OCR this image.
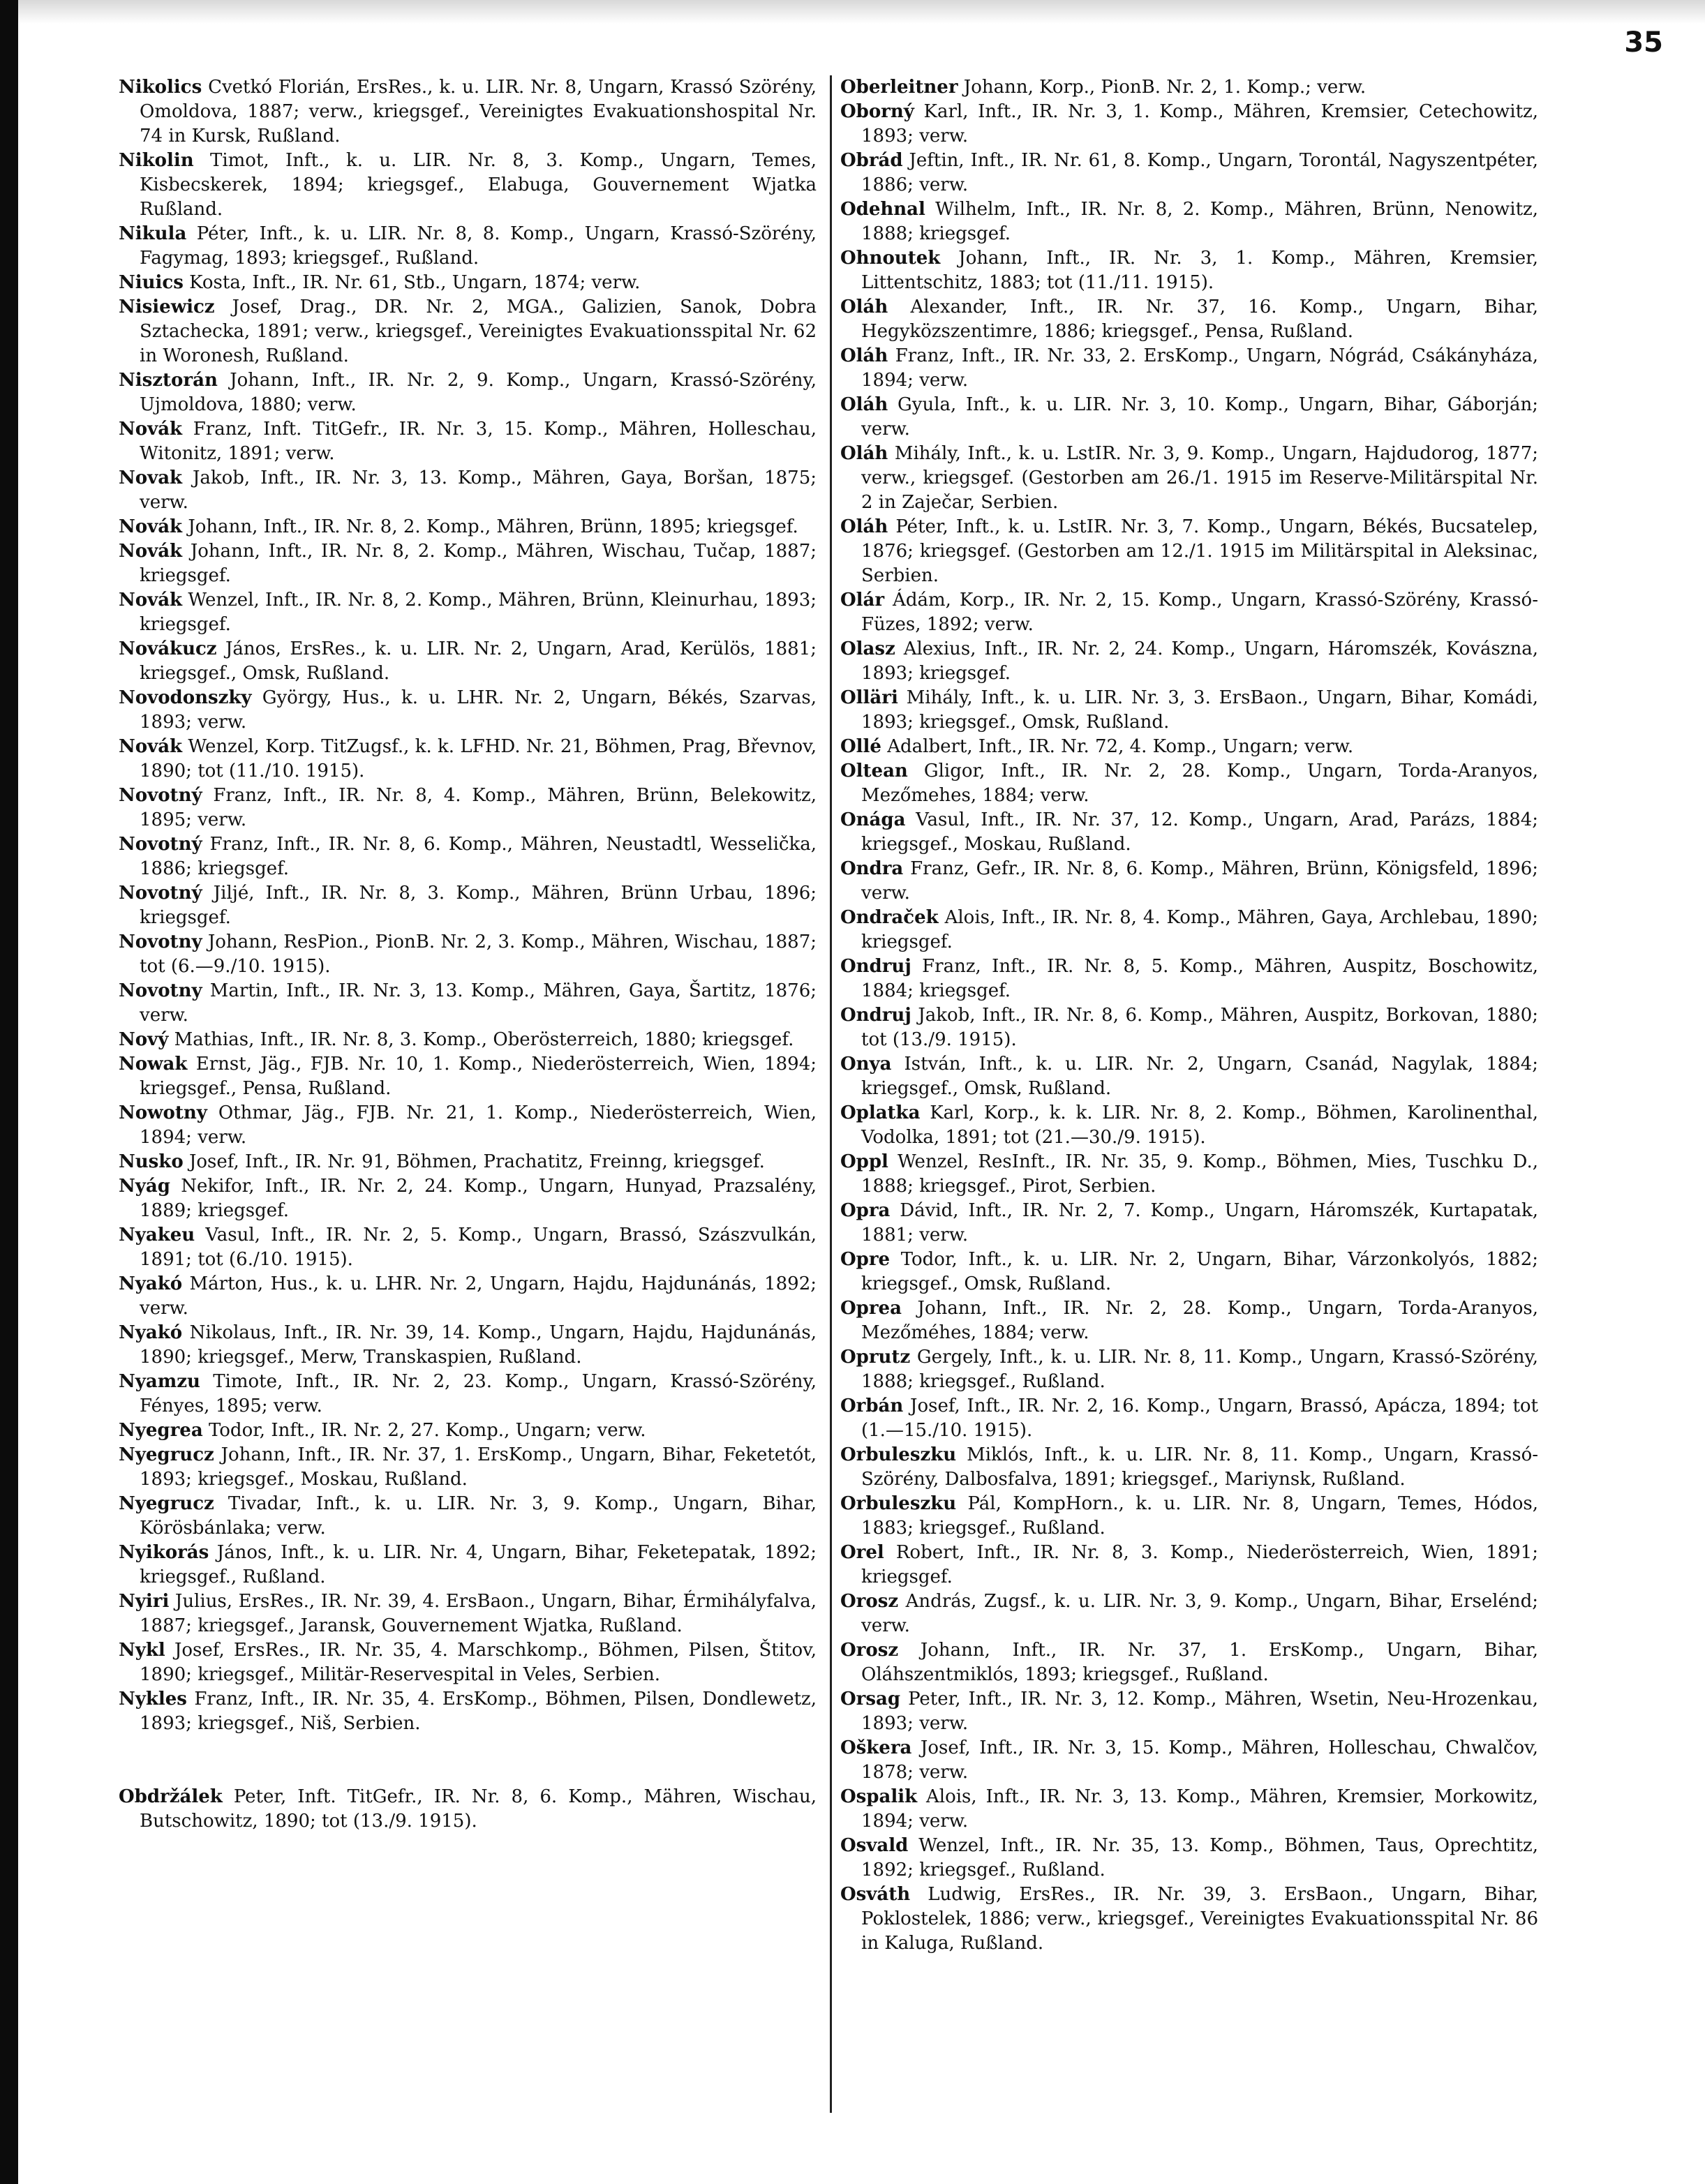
35

Nikolics Cvetkó Florián, ErsRes., k. u. LIR. Nr. 8, Ungarn, Krassó Szörény, Omoldova, 1887; verw., kriegsgef., Vereinigtes Evakuationshospital Nr. 74 in Kursk, Rußland.

Nikolin Timot, Inft., k. u. LIR. Nr. 8, 3. Komp., Ungarn, Temes, Kisbecskerek, 1894; kriegsgef., Elabuga, Gouvernement Wjatka Rußland.

Nikula Péter, Inft., k. u. LIR. Nr. 8, 8. Komp., Ungarn, Krassó-Szörény, Fagymag, 1893; kriegsgef., Rußland.

Niuics Kosta, Inft., IR. Nr. 61, Stb., Ungarn, 1874; verw.

Nisiewicz Josef, Drag., DR. Nr. 2, MGA., Galizien, Sanok, Dobra Sztachecka, 1891; verw., kriegsgef., Vereinigtes Evakuationsspital Nr. 62 in Woronesh, Rußland.

Nisztorán Johann, Inft., IR. Nr. 2, 9. Komp., Ungarn, Krassó-Szörény, Ujmoldova, 1880; verw.

Novák Franz, Inft. TitGefr., IR. Nr. 3, 15. Komp., Mähren, Holleschau, Witonitz, 1891; verw.

Novak Jakob, Inft., IR. Nr. 3, 13. Komp., Mähren, Gaya, Boršan, 1875; verw.

Novák Johann, Inft., IR. Nr. 8, 2. Komp., Mähren, Brünn, 1895; kriegsgef.

Novák Johann, Inft., IR. Nr. 8, 2. Komp., Mähren, Wischau, Tučap, 1887; kriegsgef.

Novák Wenzel, Inft., IR. Nr. 8, 2. Komp., Mähren, Brünn, Kleinurhau, 1893; kriegsgef.

Novákucz János, ErsRes., k. u. LIR. Nr. 2, Ungarn, Arad, Kerülös, 1881; kriegsgef., Omsk, Rußland.

Novodonszky György, Hus., k. u. LHR. Nr. 2, Ungarn, Békés, Szarvas, 1893; verw.

Novák Wenzel, Korp. TitZugsf., k. k. LFHD. Nr. 21, Böhmen, Prag, Břevnov, 1890; tot (11./10. 1915).

Novotný Franz, Inft., IR. Nr. 8, 4. Komp., Mähren, Brünn, Belekowitz, 1895; verw.

Novotný Franz, Inft., IR. Nr. 8, 6. Komp., Mähren, Neustadtl, Wesselička, 1886; kriegsgef.

Novotný Jiljé, Inft., IR. Nr. 8, 3. Komp., Mähren, Brünn Urbau, 1896; kriegsgef.

Novotny Johann, ResPion., PionB. Nr. 2, 3. Komp., Mähren, Wischau, 1887; tot (6.—9./10. 1915).

Novotny Martin, Inft., IR. Nr. 3, 13. Komp., Mähren, Gaya, Šartitz, 1876; verw.

Nový Mathias, Inft., IR. Nr. 8, 3. Komp., Oberösterreich, 1880; kriegsgef.

Nowak Ernst, Jäg., FJB. Nr. 10, 1. Komp., Niederösterreich, Wien, 1894; kriegsgef., Pensa, Rußland.

Nowotny Othmar, Jäg., FJB. Nr. 21, 1. Komp., Niederösterreich, Wien, 1894; verw.

Nusko Josef, Inft., IR. Nr. 91, Böhmen, Prachatitz, Freinng, kriegsgef.

Nyág Nekifor, Inft., IR. Nr. 2, 24. Komp., Ungarn, Hunyad, Prazsalény, 1889; kriegsgef.

Nyakeu Vasul, Inft., IR. Nr. 2, 5. Komp., Ungarn, Brassó, Szászvulkán, 1891; tot (6./10. 1915).

Nyakó Márton, Hus., k. u. LHR. Nr. 2, Ungarn, Hajdu, Hajdunánás, 1892; verw.

Nyakó Nikolaus, Inft., IR. Nr. 39, 14. Komp., Ungarn, Hajdu, Hajdunánás, 1890; kriegsgef., Merw, Transkaspien, Rußland.

Nyamzu Timote, Inft., IR. Nr. 2, 23. Komp., Ungarn, Krassó-Szörény, Fényes, 1895; verw.

Nyegrea Todor, Inft., IR. Nr. 2, 27. Komp., Ungarn; verw.

Nyegrucz Johann, Inft., IR. Nr. 37, 1. ErsKomp., Ungarn, Bihar, Feketetót, 1893; kriegsgef., Moskau, Rußland.

Nyegrucz Tivadar, Inft., k. u. LIR. Nr. 3, 9. Komp., Ungarn, Bihar, Körösbánlaka; verw.

Nyikorás János, Inft., k. u. LIR. Nr. 4, Ungarn, Bihar, Feketepatak, 1892; kriegsgef., Rußland.

Nyiri Julius, ErsRes., IR. Nr. 39, 4. ErsBaon., Ungarn, Bihar, Érmihályfalva, 1887; kriegsgef., Jaransk, Gouvernement Wjatka, Rußland.

Nykl Josef, ErsRes., IR. Nr. 35, 4. Marschkomp., Böhmen, Pilsen, Štitov, 1890; kriegsgef., Militär-Reservespital in Veles, Serbien.

Nykles Franz, Inft., IR. Nr. 35, 4. ErsKomp., Böhmen, Pilsen, Dondlewetz, 1893; kriegsgef., Niš, Serbien.

Obdržálek Peter, Inft. TitGefr., IR. Nr. 8, 6. Komp., Mähren, Wischau, Butschowitz, 1890; tot (13./9. 1915).

Oberleitner Johann, Korp., PionB. Nr. 2, 1. Komp.; verw.

Oborný Karl, Inft., IR. Nr. 3, 1. Komp., Mähren, Kremsier, Cetechowitz, 1893; verw.

Obrád Jeftin, Inft., IR. Nr. 61, 8. Komp., Ungarn, Torontál, Nagyszentpéter, 1886; verw.

Odehnal Wilhelm, Inft., IR. Nr. 8, 2. Komp., Mähren, Brünn, Nenowitz, 1888; kriegsgef.

Ohnoutek Johann, Inft., IR. Nr. 3, 1. Komp., Mähren, Kremsier, Littentschitz, 1883; tot (11./11. 1915).

Oláh Alexander, Inft., IR. Nr. 37, 16. Komp., Ungarn, Bihar, Hegyközszentimre, 1886; kriegsgef., Pensa, Rußland.

Oláh Franz, Inft., IR. Nr. 33, 2. ErsKomp., Ungarn, Nógrád, Csákányháza, 1894; verw.

Oláh Gyula, Inft., k. u. LIR. Nr. 3, 10. Komp., Ungarn, Bihar, Gáborján; verw.

Oláh Mihály, Inft., k. u. LstIR. Nr. 3, 9. Komp., Ungarn, Hajdudorog, 1877; verw., kriegsgef. (Gestorben am 26./1. 1915 im Reserve-Militärspital Nr. 2 in Zaječar, Serbien.

Oláh Péter, Inft., k. u. LstIR. Nr. 3, 7. Komp., Ungarn, Békés, Bucsatelep, 1876; kriegsgef. (Gestorben am 12./1. 1915 im Militärspital in Aleksinac, Serbien.

Olár Ádám, Korp., IR. Nr. 2, 15. Komp., Ungarn, Krassó-Szörény, Krassó-Füzes, 1892; verw.

Olasz Alexius, Inft., IR. Nr. 2, 24. Komp., Ungarn, Háromszék, Kovászna, 1893; kriegsgef.

Olläri Mihály, Inft., k. u. LIR. Nr. 3, 3. ErsBaon., Ungarn, Bihar, Komádi, 1893; kriegsgef., Omsk, Rußland.

Ollé Adalbert, Inft., IR. Nr. 72, 4. Komp., Ungarn; verw.

Oltean Gligor, Inft., IR. Nr. 2, 28. Komp., Ungarn, Torda-Aranyos, Mezőmehes, 1884; verw.

Onága Vasul, Inft., IR. Nr. 37, 12. Komp., Ungarn, Arad, Parázs, 1884; kriegsgef., Moskau, Rußland.

Ondra Franz, Gefr., IR. Nr. 8, 6. Komp., Mähren, Brünn, Königsfeld, 1896; verw.

Ondraček Alois, Inft., IR. Nr. 8, 4. Komp., Mähren, Gaya, Archlebau, 1890; kriegsgef.

Ondruj Franz, Inft., IR. Nr. 8, 5. Komp., Mähren, Auspitz, Boschowitz, 1884; kriegsgef.

Ondruj Jakob, Inft., IR. Nr. 8, 6. Komp., Mähren, Auspitz, Borkovan, 1880; tot (13./9. 1915).

Onya István, Inft., k. u. LIR. Nr. 2, Ungarn, Csanád, Nagylak, 1884; kriegsgef., Omsk, Rußland.

Oplatka Karl, Korp., k. k. LIR. Nr. 8, 2. Komp., Böhmen, Karolinenthal, Vodolka, 1891; tot (21.—30./9. 1915).

Oppl Wenzel, ResInft., IR. Nr. 35, 9. Komp., Böhmen, Mies, Tuschku D., 1888; kriegsgef., Pirot, Serbien.

Opra Dávid, Inft., IR. Nr. 2, 7. Komp., Ungarn, Háromszék, Kurtapatak, 1881; verw.

Opre Todor, Inft., k. u. LIR. Nr. 2, Ungarn, Bihar, Várzonkolyós, 1882; kriegsgef., Omsk, Rußland.

Oprea Johann, Inft., IR. Nr. 2, 28. Komp., Ungarn, Torda-Aranyos, Mezőméhes, 1884; verw.

Oprutz Gergely, Inft., k. u. LIR. Nr. 8, 11. Komp., Ungarn, Krassó-Szörény, 1888; kriegsgef., Rußland.

Orbán Josef, Inft., IR. Nr. 2, 16. Komp., Ungarn, Brassó, Apácza, 1894; tot (1.—15./10. 1915).

Orbuleszku Miklós, Inft., k. u. LIR. Nr. 8, 11. Komp., Ungarn, Krassó-Szörény, Dalbosfalva, 1891; kriegsgef., Mariynsk, Rußland.

Orbuleszku Pál, KompHorn., k. u. LIR. Nr. 8, Ungarn, Temes, Hódos, 1883; kriegsgef., Rußland.

Orel Robert, Inft., IR. Nr. 8, 3. Komp., Niederösterreich, Wien, 1891; kriegsgef.

Orosz András, Zugsf., k. u. LIR. Nr. 3, 9. Komp., Ungarn, Bihar, Erselénd; verw.

Orosz Johann, Inft., IR. Nr. 37, 1. ErsKomp., Ungarn, Bihar, Oláhszentmiklós, 1893; kriegsgef., Rußland.

Orsag Peter, Inft., IR. Nr. 3, 12. Komp., Mähren, Wsetin, Neu-Hrozenkau, 1893; verw.

Oškera Josef, Inft., IR. Nr. 3, 15. Komp., Mähren, Holleschau, Chwalčov, 1878; verw.

Ospalik Alois, Inft., IR. Nr. 3, 13. Komp., Mähren, Kremsier, Morkowitz, 1894; verw.

Osvald Wenzel, Inft., IR. Nr. 35, 13. Komp., Böhmen, Taus, Oprechtitz, 1892; kriegsgef., Rußland.

Osváth Ludwig, ErsRes., IR. Nr. 39, 3. ErsBaon., Ungarn, Bihar, Poklostelek, 1886; verw., kriegsgef., Vereinigtes Evakuationsspital Nr. 86 in Kaluga, Rußland.
